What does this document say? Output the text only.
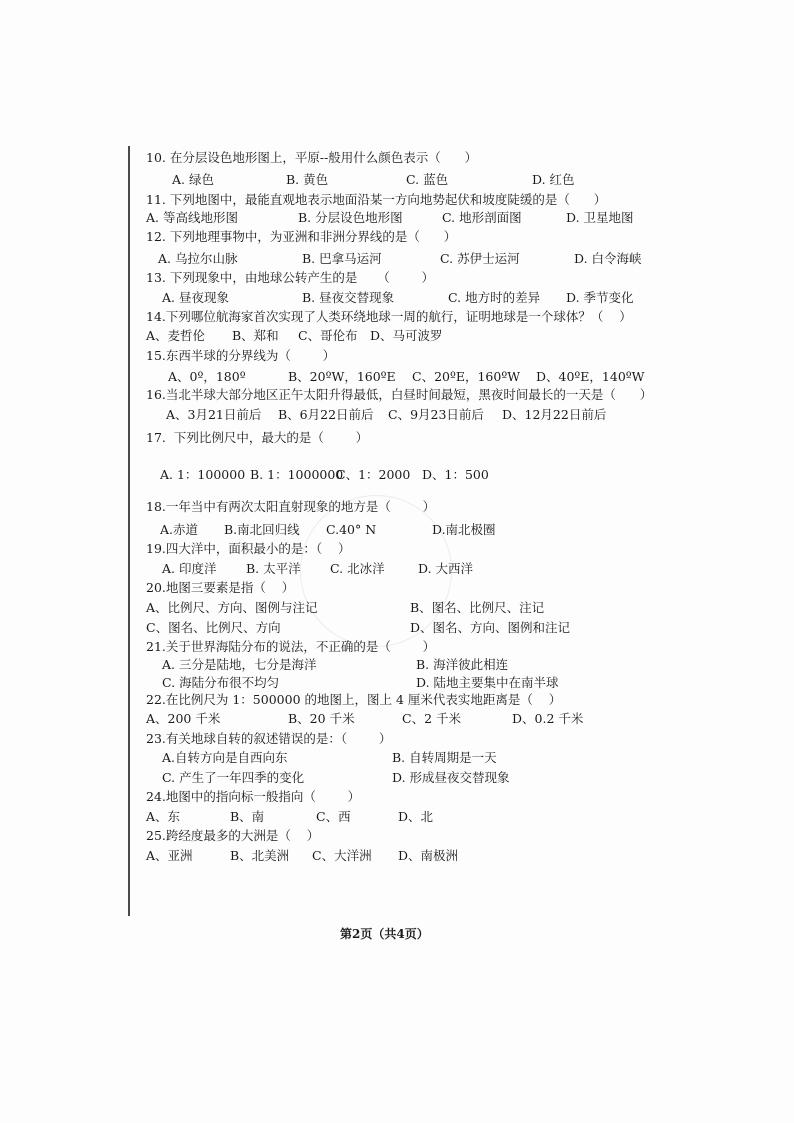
10. 在分层设色地形图上，平原--般用什么颜色表示（      ）
A. 绿色	B. 黄色	C. 蓝色	D. 红色
11. 下列地图中，最能直观地表示地面沿某一方向地势起伏和坡度陡缓的是（      ）
A. 等高线地形图	B. 分层设色地形图	C. 地形剖面图	D. 卫星地图
12. 下列地理事物中，为亚洲和非洲分界线的是（      ）
A. 乌拉尔山脉	B. 巴拿马运河	C. 苏伊士运河	D. 白令海峡
13. 下列现象中，由地球公转产生的是     （        ）
A. 昼夜现象	B. 昼夜交替现象	C. 地方时的差异 D. 季节变化
14.下列哪位航海家首次实现了人类环绕地球一周的航行，证明地球是一个球体？（    ）
A、麦哲伦 B、郑和 C、哥伦布 D、马可波罗
15.东西半球的分界线为（        ）
A、0º，180º	B、20ºW，160ºE C、20ºE，160ºW D、40ºE，140ºW
16.当北半球大部分地区正午太阳升得最低，白昼时间最短，黑夜时间最长的一天是（      ）
A、3月21日前后 B、6月22日前后 C、9月23日前后 D、12月22日前后
17.  下列比例尺中，最大的是（        ）
A. 1：100000 B. 1：1000000
C、1：2000 D、1：500
18.一年当中有两次太阳直射现象的地方是（        ）
A.赤道 B.南北回归线 C.40° N	D.南北极圈
19.四大洋中，面积最小的是：（    ）
A. 印度洋 B. 太平洋 C. 北冰洋	D. 大西洋
20.地图三要素是指（    ）
A、比例尺、方向、图例与注记	B、图名、比例尺、注记
C、图名、比例尺、方向	D、图名、方向、图例和注记
21.关于世界海陆分布的说法，不正确的是（        ）
A. 三分是陆地，七分是海洋	B. 海洋彼此相连
C. 海陆分布很不均匀	D. 陆地主要集中在南半球
22.在比例尺为 1：500000 的地图上，图上 4 厘米代表实地距离是（    ）
A、200 千米	B、20 千米	C、2 千米	D、0.2 千米
23.有关地球自转的叙述错误的是：（        ）
A.自转方向是自西向东	B. 自转周期是一天
C. 产生了一年四季的变化	D. 形成昼夜交替现象
24.地图中的指向标一般指向（        ）
A、东	B、南	C、西	D、北
25.跨经度最多的大洲是（    ）
A、亚洲	B、北美洲 C、大洋洲 D、南极洲
第2页（共4页）
